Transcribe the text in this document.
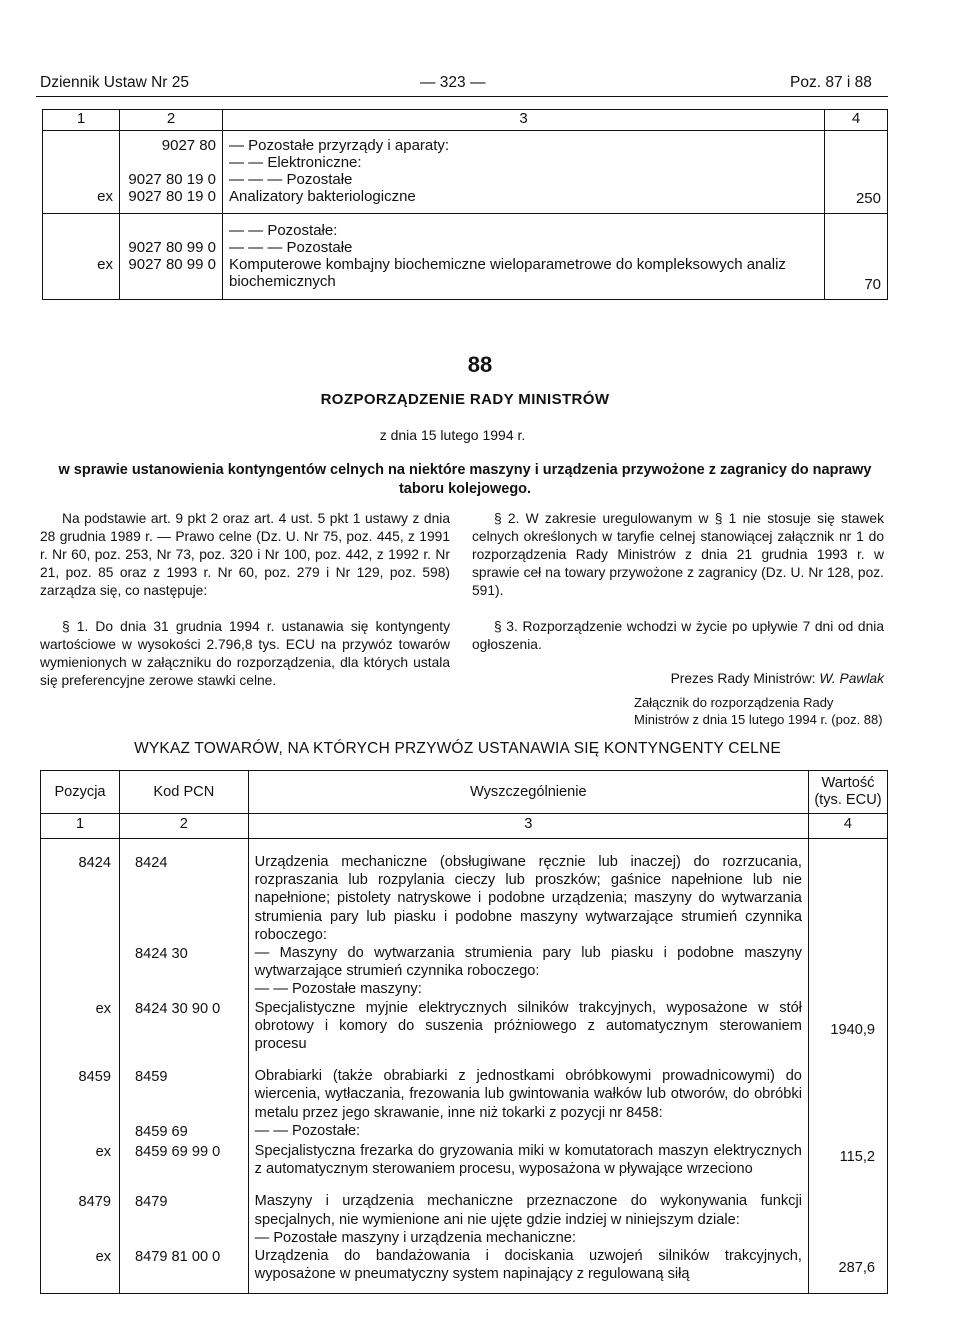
Dziennik Ustaw Nr 25	— 323 —	Poz. 87 i 88
1	2	3	4

	9027 80	— Pozostałe przyrządy i aparaty:	
		— — Elektroniczne:	
	9027 80 19 0	— — — Pozostałe	
ex	9027 80 19 0	Analizatory bakteriologiczne	250

		— — Pozostałe:	
	9027 80 99 0	— — — Pozostałe	
ex	9027 80 99 0	Komputerowe kombajny biochemiczne wieloparametrowe do kompleksowych analiz biochemicznych	70
88
ROZPORZĄDZENIE RADY MINISTRÓW
z dnia 15 lutego 1994 r.
w sprawie ustanowienia kontyngentów celnych na niektóre maszyny i urządzenia przywożone z zagranicy do naprawy taboru kolejowego.

Na podstawie art. 9 pkt 2 oraz art. 4 ust. 5 pkt 1 ustawy z dnia 28 grudnia 1989 r. — Prawo celne (Dz. U. Nr 75, poz. 445, z 1991 r. Nr 60, poz. 253, Nr 73, poz. 320 i Nr 100, poz. 442, z 1992 r. Nr 21, poz. 85 oraz z 1993 r. Nr 60, poz. 279 i Nr 129, poz. 598) zarządza się, co następuje:

§ 1. Do dnia 31 grudnia 1994 r. ustanawia się kontyngenty wartościowe w wysokości 2.796,8 tys. ECU na przywóz towarów wymienionych w załączniku do rozporządzenia, dla których ustala się preferencyjne zerowe stawki celne.

§ 2. W zakresie uregulowanym w § 1 nie stosuje się stawek celnych określonych w taryfie celnej stanowiącej załącznik nr 1 do rozporządzenia Rady Ministrów z dnia 21 grudnia 1993 r. w sprawie ceł na towary przywożone z zagranicy (Dz. U. Nr 128, poz. 591).

§ 3. Rozporządzenie wchodzi w życie po upływie 7 dni od dnia ogłoszenia.

Prezes Rady Ministrów: W. Pawlak

Załącznik do rozporządzenia Rady Ministrów z dnia 15 lutego 1994 r. (poz. 88)
WYKAZ TOWARÓW, NA KTÓRYCH PRZYWÓZ USTANAWIA SIĘ KONTYNGENTY CELNE
Pozycja	Kod PCN	Wyszczególnienie	Wartość (tys. ECU)
1	2	3	4

8424	8424	Urządzenia mechaniczne (obsługiwane ręcznie lub inaczej) do rozrzucania, rozpraszania lub rozpylania cieczy lub proszków; gaśnice napełnione lub nie napełnione; pistolety natryskowe i podobne urządzenia; maszyny do wytwarzania strumienia pary lub piasku i podobne maszyny wytwarzające strumień czynnika roboczego:	
	8424 30	— Maszyny do wytwarzania strumienia pary lub piasku i podobne maszyny wytwarzające strumień czynnika roboczego:	
		— — Pozostałe maszyny:	
ex	8424 30 90 0	Specjalistyczne myjnie elektrycznych silników trakcyjnych, wyposażone w stół obrotowy i komory do suszenia próżniowego z automatycznym sterowaniem procesu	1940,9

8459	8459	Obrabiarki (także obrabiarki z jednostkami obróbkowymi prowadnicowymi) do wiercenia, wytłaczania, frezowania lub gwintowania wałków lub otworów, do obróbki metalu przez jego skrawanie, inne niż tokarki z pozycji nr 8458:	
	8459 69	— — Pozostałe:	
ex	8459 69 99 0	Specjalistyczna frezarka do gryzowania miki w komutatorach maszyn elektrycznych z automatycznym sterowaniem procesu, wyposażona w pływające wrzeciono	115,2

8479	8479	Maszyny i urządzenia mechaniczne przeznaczone do wykonywania funkcji specjalnych, nie wymienione ani nie ujęte gdzie indziej w niniejszym dziale:	
		— Pozostałe maszyny i urządzenia mechaniczne:	
ex	8479 81 00 0	Urządzenia do bandażowania i dociskania uzwojeń silników trakcyjnych, wyposażone w pneumatyczny system napinający z regulowaną siłą	287,6
